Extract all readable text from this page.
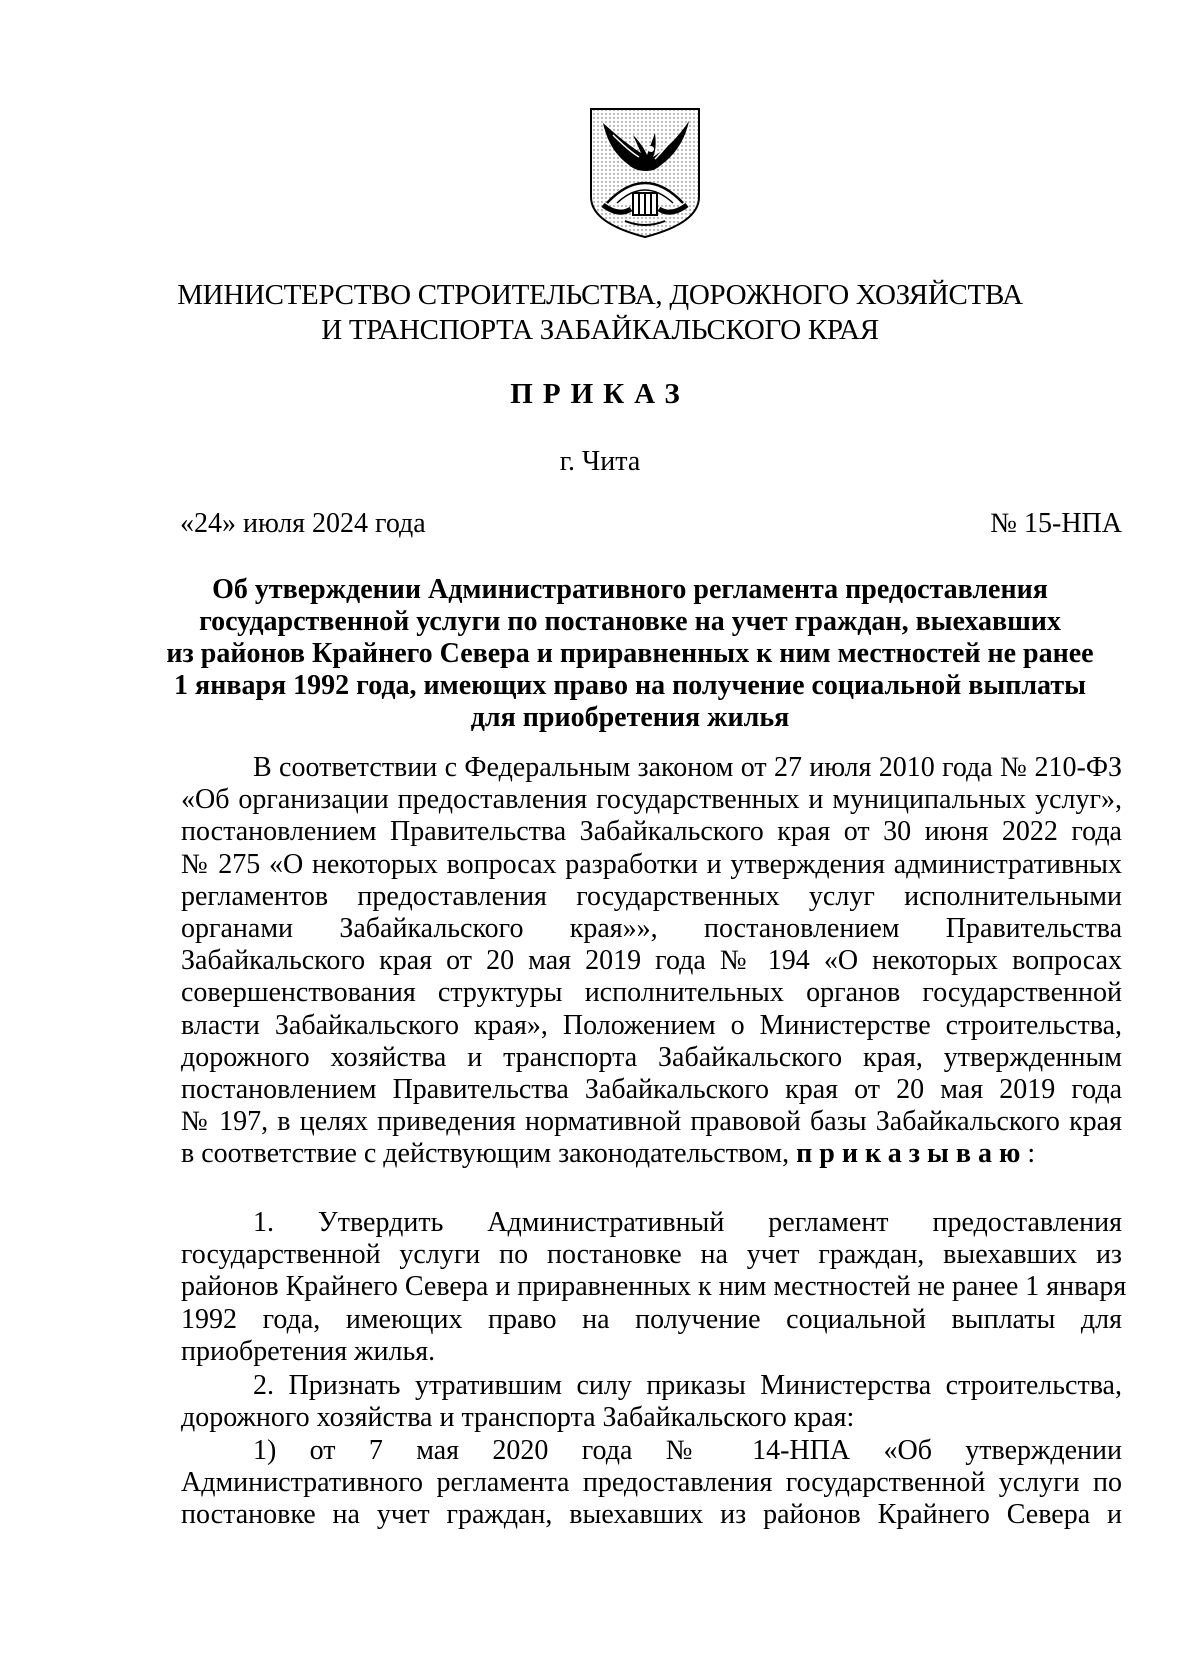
МИНИСТЕРСТВО СТРОИТЕЛЬСТВА, ДОРОЖНОГО ХОЗЯЙСТВА
И ТРАНСПОРТА ЗАБАЙКАЛЬСКОГО КРАЯ
ПРИКАЗ
г. Чита
«24» июля 2024 года	№ 15-НПА
Об утверждении Административного регламента предоставления
государственной услуги по постановке на учет граждан, выехавших
из районов Крайнего Севера и приравненных к ним местностей не ранее
1 января 1992 года, имеющих право на получение социальной выплаты
для приобретения жилья
В соответствии с Федеральным законом от 27 июля 2010 года № 210-ФЗ
«Об организации предоставления государственных и муниципальных услуг»,
постановлением Правительства Забайкальского края от 30 июня 2022 года
№ 275 «О некоторых вопросах разработки и утверждения административных
регламентов предоставления государственных услуг исполнительными
органами Забайкальского края»», постановлением Правительства
Забайкальского края от 20 мая 2019 года № 194 «О некоторых вопросах
совершенствования структуры исполнительных органов государственной
власти Забайкальского края», Положением о Министерстве строительства,
дорожного хозяйства и транспорта Забайкальского края, утвержденным
постановлением Правительства Забайкальского края от 20 мая 2019 года
№ 197, в целях приведения нормативной правовой базы Забайкальского края
в соответствие с действующим законодательством, приказываю:
1. Утвердить Административный регламент предоставления
государственной услуги по постановке на учет граждан, выехавших из
районов Крайнего Севера и приравненных к ним местностей не ранее 1 января
1992 года, имеющих право на получение социальной выплаты для
приобретения жилья.
2. Признать утратившим силу приказы Министерства строительства,
дорожного хозяйства и транспорта Забайкальского края:
1) от 7 мая 2020 года № 14-НПА «Об утверждении
Административного регламента предоставления государственной услуги по
постановке на учет граждан, выехавших из районов Крайнего Севера и
